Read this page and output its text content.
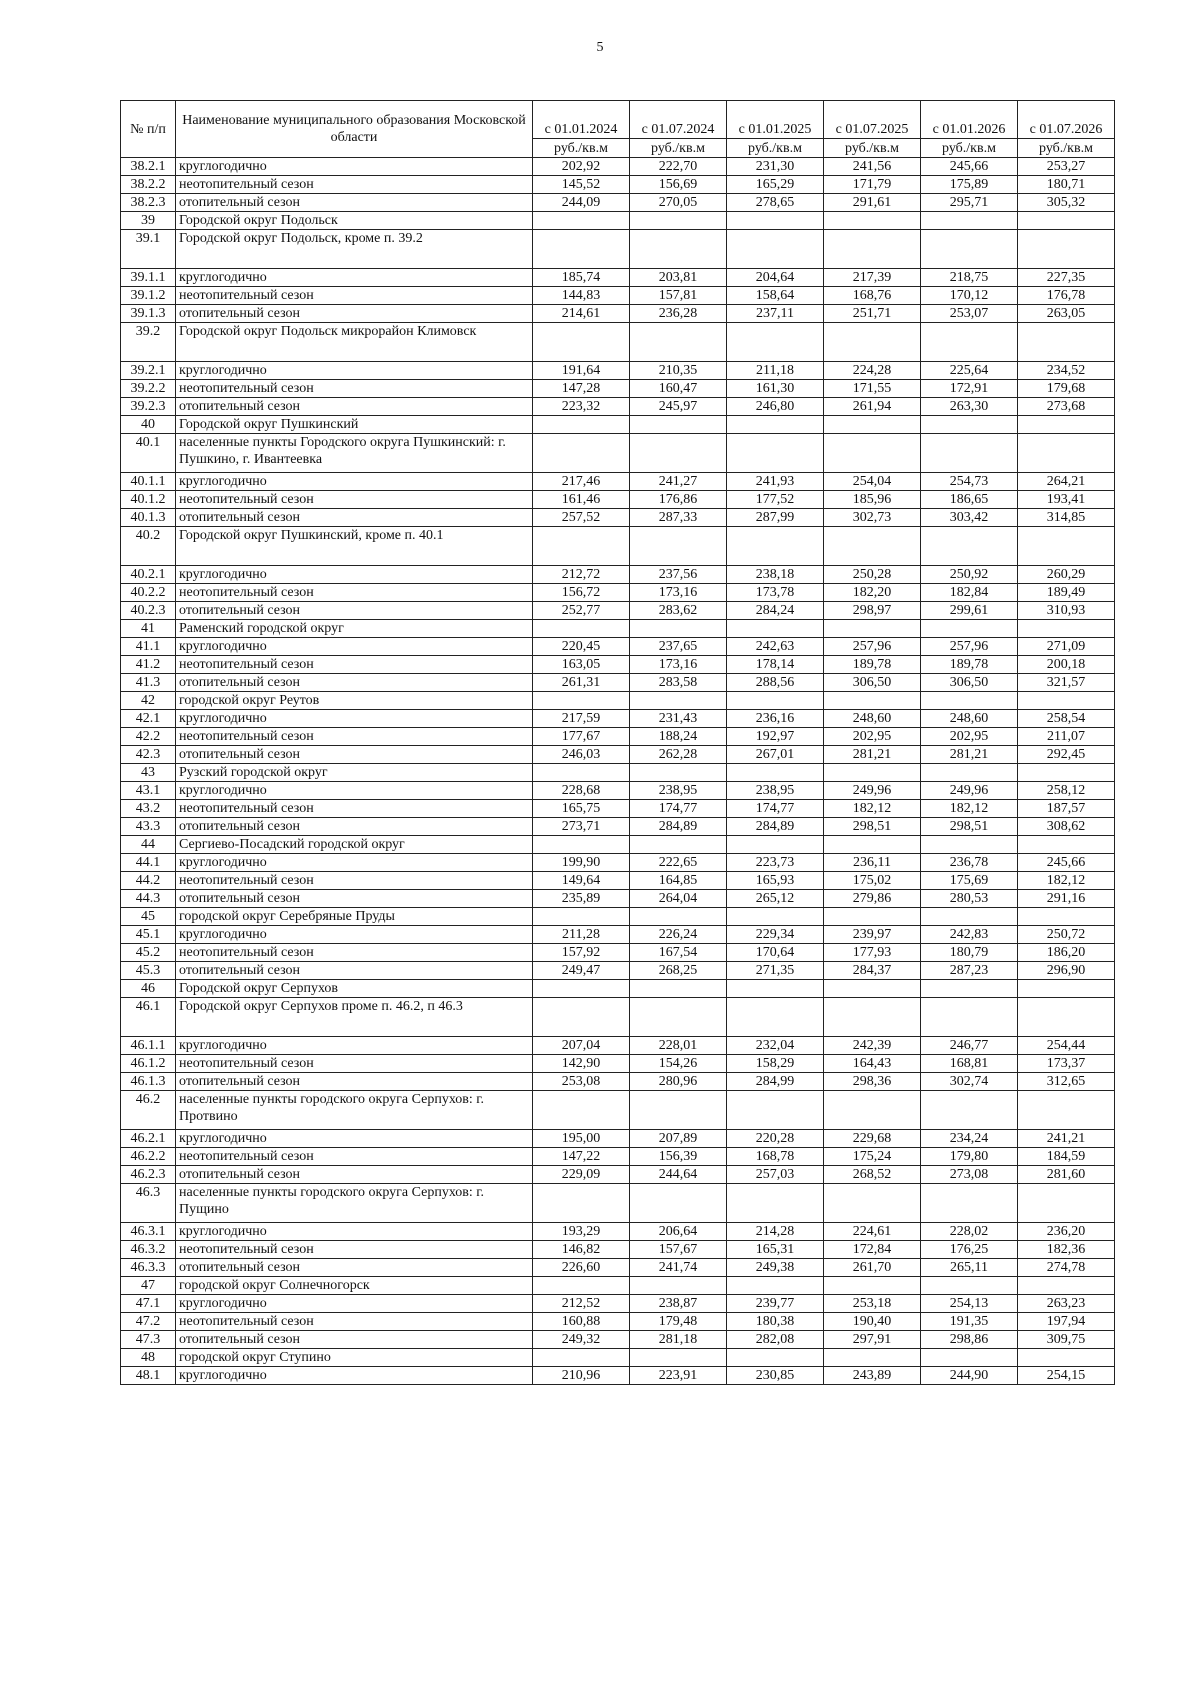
5
№ п/п	Наименование муниципального образования Московской области	с 01.01.2024	с 01.07.2024	с 01.01.2025	с 01.07.2025	с 01.01.2026	с 01.07.2026
		руб./кв.м	руб./кв.м	руб./кв.м	руб./кв.м	руб./кв.м	руб./кв.м
38.2.1	круглогодично	202,92	222,70	231,30	241,56	245,66	253,27
38.2.2	неотопительный сезон	145,52	156,69	165,29	171,79	175,89	180,71
38.2.3	отопительный сезон	244,09	270,05	278,65	291,61	295,71	305,32
39	Городской округ Подольск						
39.1	Городской округ Подольск, кроме п. 39.2						
39.1.1	круглогодично	185,74	203,81	204,64	217,39	218,75	227,35
39.1.2	неотопительный сезон	144,83	157,81	158,64	168,76	170,12	176,78
39.1.3	отопительный сезон	214,61	236,28	237,11	251,71	253,07	263,05
39.2	Городской округ Подольск микрорайон Климовск						
39.2.1	круглогодично	191,64	210,35	211,18	224,28	225,64	234,52
39.2.2	неотопительный сезон	147,28	160,47	161,30	171,55	172,91	179,68
39.2.3	отопительный сезон	223,32	245,97	246,80	261,94	263,30	273,68
40	Городской округ Пушкинский						
40.1	населенные пункты Городского округа Пушкинский: г. Пушкино, г. Ивантеевка						
40.1.1	круглогодично	217,46	241,27	241,93	254,04	254,73	264,21
40.1.2	неотопительный сезон	161,46	176,86	177,52	185,96	186,65	193,41
40.1.3	отопительный сезон	257,52	287,33	287,99	302,73	303,42	314,85
40.2	Городской округ Пушкинский, кроме п. 40.1						
40.2.1	круглогодично	212,72	237,56	238,18	250,28	250,92	260,29
40.2.2	неотопительный сезон	156,72	173,16	173,78	182,20	182,84	189,49
40.2.3	отопительный сезон	252,77	283,62	284,24	298,97	299,61	310,93
41	Раменский городской округ						
41.1	круглогодично	220,45	237,65	242,63	257,96	257,96	271,09
41.2	неотопительный сезон	163,05	173,16	178,14	189,78	189,78	200,18
41.3	отопительный сезон	261,31	283,58	288,56	306,50	306,50	321,57
42	городской округ Реутов						
42.1	круглогодично	217,59	231,43	236,16	248,60	248,60	258,54
42.2	неотопительный сезон	177,67	188,24	192,97	202,95	202,95	211,07
42.3	отопительный сезон	246,03	262,28	267,01	281,21	281,21	292,45
43	Рузский городской округ						
43.1	круглогодично	228,68	238,95	238,95	249,96	249,96	258,12
43.2	неотопительный сезон	165,75	174,77	174,77	182,12	182,12	187,57
43.3	отопительный сезон	273,71	284,89	284,89	298,51	298,51	308,62
44	Сергиево-Посадский городской округ						
44.1	круглогодично	199,90	222,65	223,73	236,11	236,78	245,66
44.2	неотопительный сезон	149,64	164,85	165,93	175,02	175,69	182,12
44.3	отопительный сезон	235,89	264,04	265,12	279,86	280,53	291,16
45	городской округ Серебряные Пруды						
45.1	круглогодично	211,28	226,24	229,34	239,97	242,83	250,72
45.2	неотопительный сезон	157,92	167,54	170,64	177,93	180,79	186,20
45.3	отопительный сезон	249,47	268,25	271,35	284,37	287,23	296,90
46	Городской округ Серпухов						
46.1	Городской округ Серпухов проме п. 46.2, п 46.3						
46.1.1	круглогодично	207,04	228,01	232,04	242,39	246,77	254,44
46.1.2	неотопительный сезон	142,90	154,26	158,29	164,43	168,81	173,37
46.1.3	отопительный сезон	253,08	280,96	284,99	298,36	302,74	312,65
46.2	населенные пункты городского округа Серпухов: г. Протвино						
46.2.1	круглогодично	195,00	207,89	220,28	229,68	234,24	241,21
46.2.2	неотопительный сезон	147,22	156,39	168,78	175,24	179,80	184,59
46.2.3	отопительный сезон	229,09	244,64	257,03	268,52	273,08	281,60
46.3	населенные пункты городского округа Серпухов: г. Пущино						
46.3.1	круглогодично	193,29	206,64	214,28	224,61	228,02	236,20
46.3.2	неотопительный сезон	146,82	157,67	165,31	172,84	176,25	182,36
46.3.3	отопительный сезон	226,60	241,74	249,38	261,70	265,11	274,78
47	городской округ Солнечногорск						
47.1	круглогодично	212,52	238,87	239,77	253,18	254,13	263,23
47.2	неотопительный сезон	160,88	179,48	180,38	190,40	191,35	197,94
47.3	отопительный сезон	249,32	281,18	282,08	297,91	298,86	309,75
48	городской округ Ступино						
48.1	круглогодично	210,96	223,91	230,85	243,89	244,90	254,15
